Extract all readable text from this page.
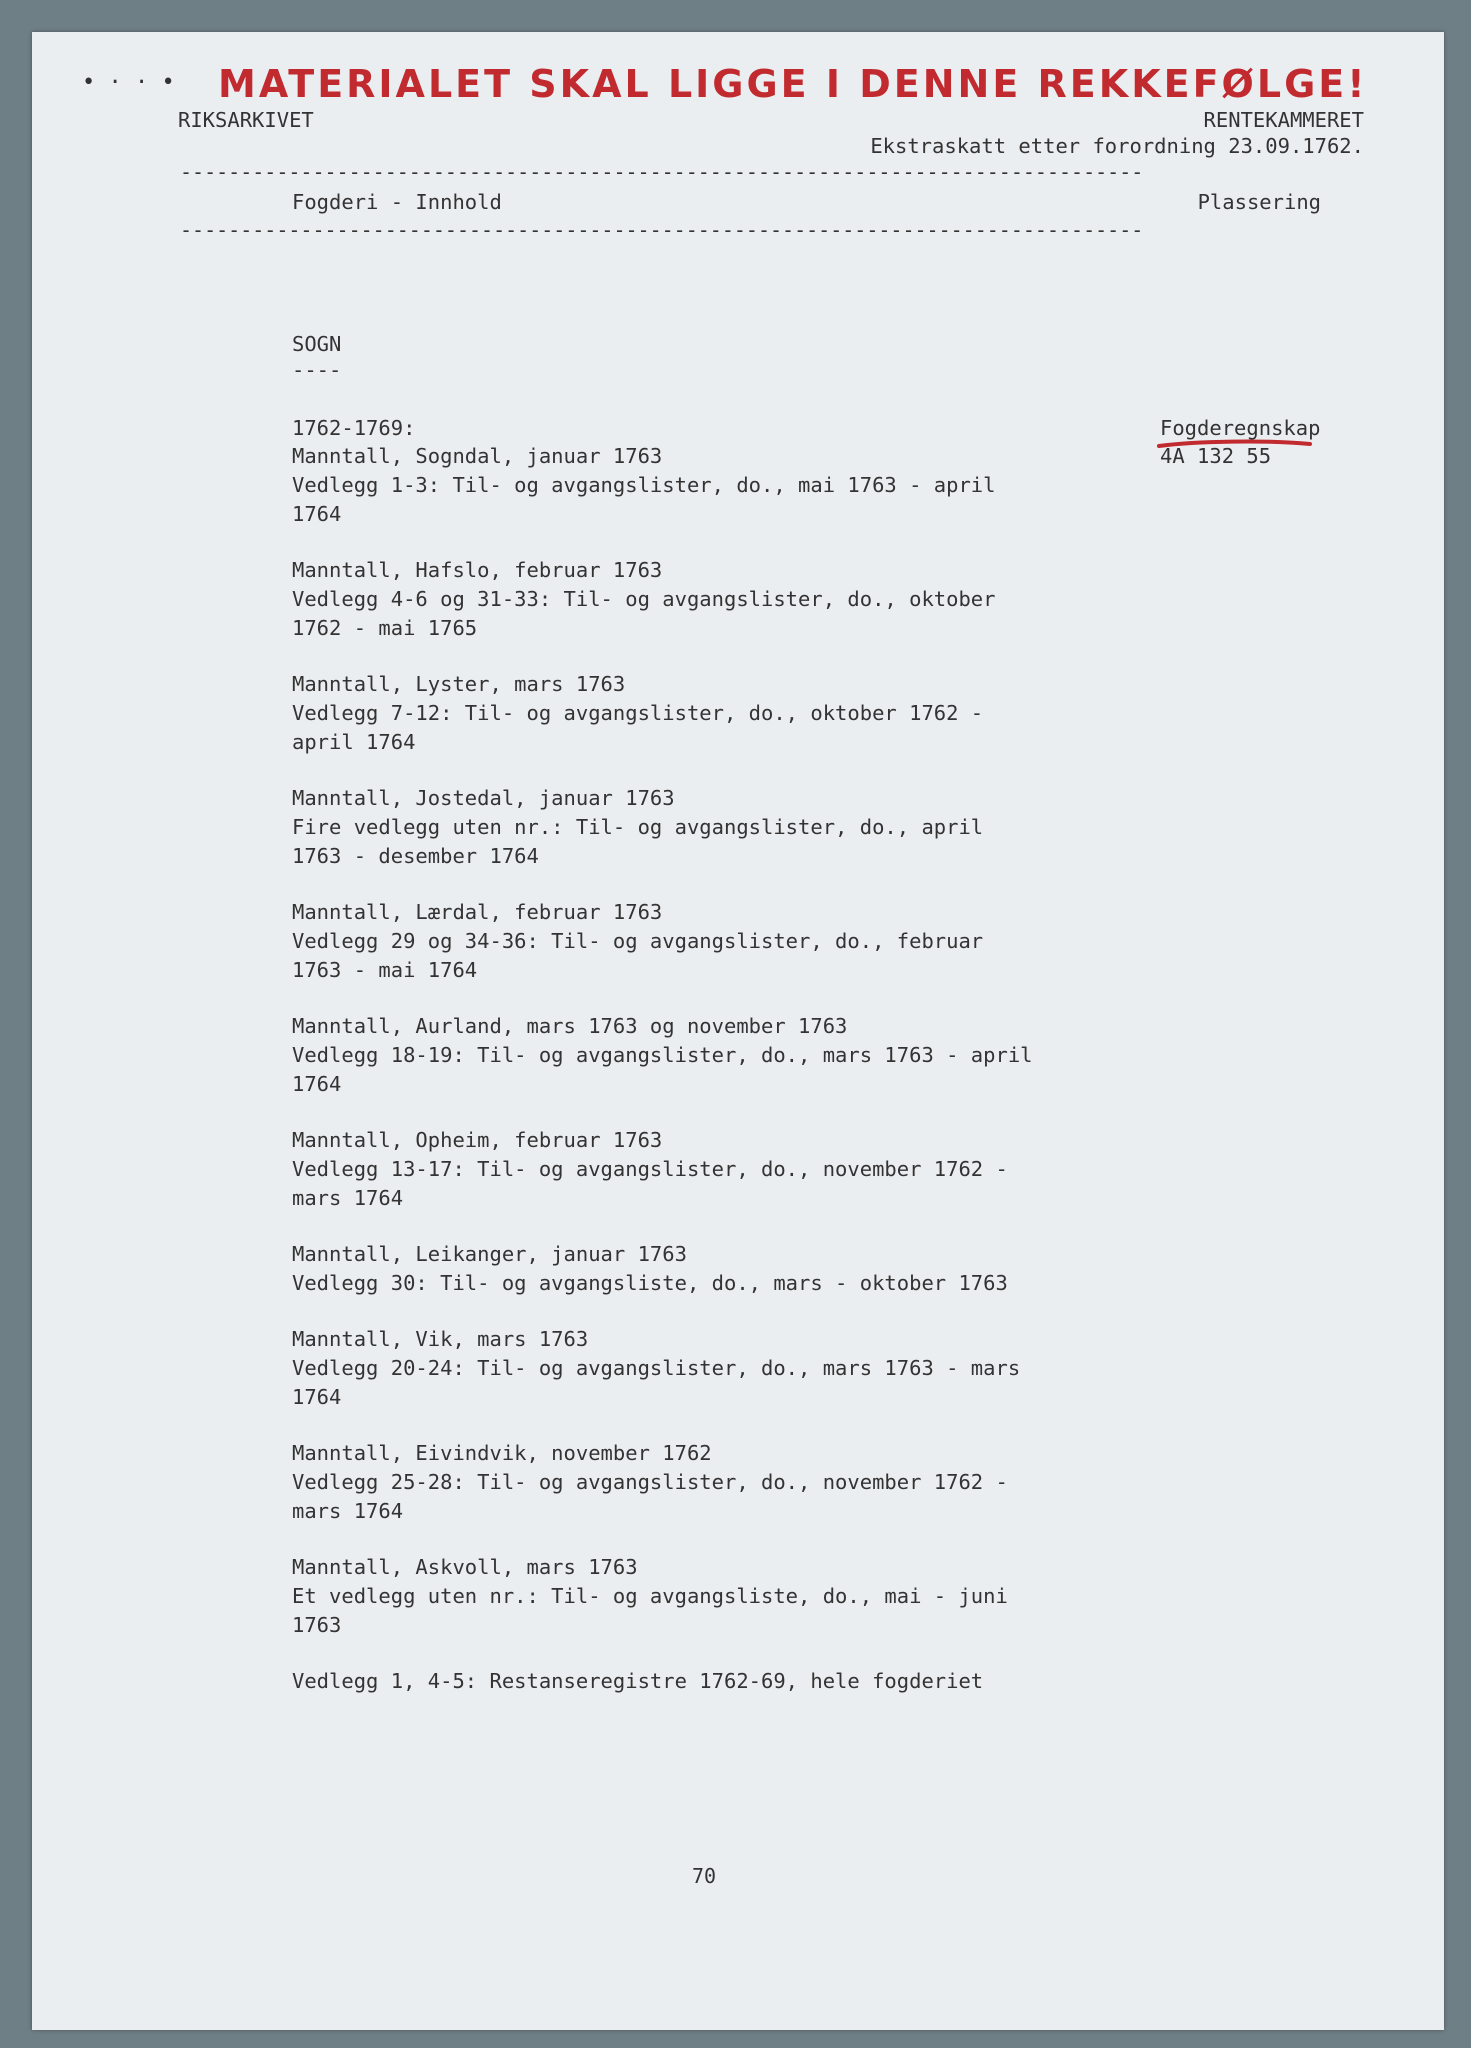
• · · • MATERIALET SKAL LIGGE I DENNE REKKEFØLGE!
RIKSARKIVET	RENTEKAMMERET
Ekstraskatt etter forordning 23.09.1762.
--------------------------------------------------------------------------------
Fogderi - Innhold	Plassering
--------------------------------------------------------------------------------
SOGN
----
1762-1769:	Fogderegnskap
4A 132 55
Manntall, Sogndal, januar 1763
Vedlegg 1-3: Til- og avgangslister, do., mai 1763 - april
1764
Manntall, Hafslo, februar 1763
Vedlegg 4-6 og 31-33: Til- og avgangslister, do., oktober
1762 - mai 1765
Manntall, Lyster, mars 1763
Vedlegg 7-12: Til- og avgangslister, do., oktober 1762 -
april 1764
Manntall, Jostedal, januar 1763
Fire vedlegg uten nr.: Til- og avgangslister, do., april
1763 - desember 1764
Manntall, Lærdal, februar 1763
Vedlegg 29 og 34-36: Til- og avgangslister, do., februar
1763 - mai 1764
Manntall, Aurland, mars 1763 og november 1763
Vedlegg 18-19: Til- og avgangslister, do., mars 1763 - april
1764
Manntall, Opheim, februar 1763
Vedlegg 13-17: Til- og avgangslister, do., november 1762 -
mars 1764
Manntall, Leikanger, januar 1763
Vedlegg 30: Til- og avgangsliste, do., mars - oktober 1763
Manntall, Vik, mars 1763
Vedlegg 20-24: Til- og avgangslister, do., mars 1763 - mars
1764
Manntall, Eivindvik, november 1762
Vedlegg 25-28: Til- og avgangslister, do., november 1762 -
mars 1764
Manntall, Askvoll, mars 1763
Et vedlegg uten nr.: Til- og avgangsliste, do., mai - juni
1763
Vedlegg 1, 4-5: Restanseregistre 1762-69, hele fogderiet
70
